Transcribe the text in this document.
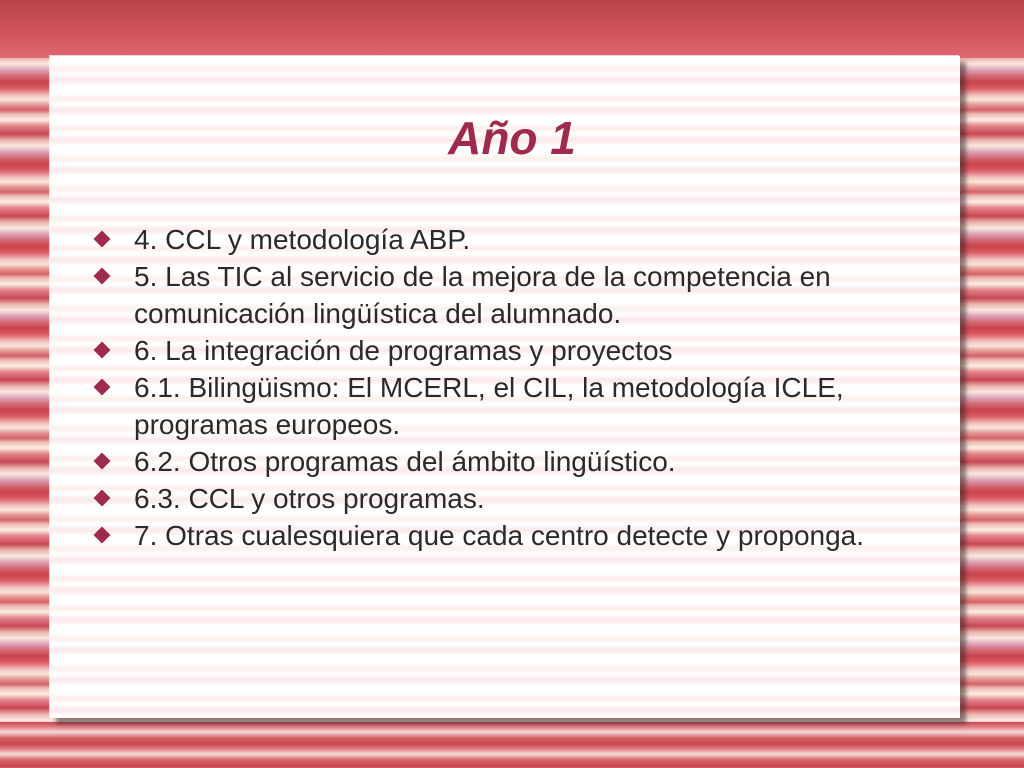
Año 1
4. CCL y metodología ABP.
5. Las TIC al servicio de la mejora de la competencia en comunicación lingüística del alumnado.
6. La integración de programas y proyectos
6.1. Bilingüismo: El MCERL, el CIL, la metodología ICLE, programas europeos.
6.2. Otros programas del ámbito lingüístico.
6.3. CCL y otros programas.
7. Otras cualesquiera que cada centro detecte y proponga.
